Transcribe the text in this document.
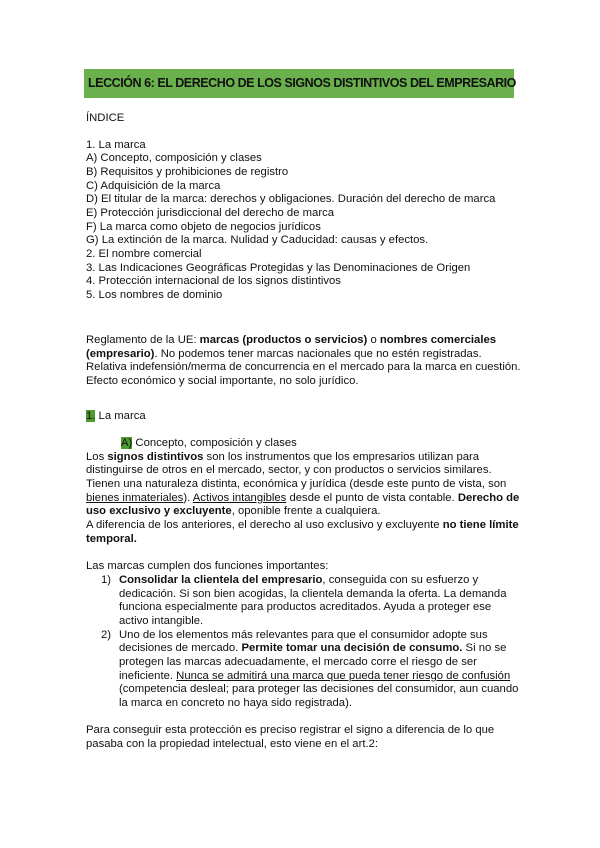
LECCIÓN 6: EL DERECHO DE LOS SIGNOS DISTINTIVOS DEL EMPRESARIO
ÍNDICE
1. La marca
A) Concepto, composición y clases
B) Requisitos y prohibiciones de registro
C) Adquisición de la marca
D) El titular de la marca: derechos y obligaciones. Duración del derecho de marca
E) Protección jurisdiccional del derecho de marca
F) La marca como objeto de negocios jurídicos
G) La extinción de la marca. Nulidad y Caducidad: causas y efectos.
2. El nombre comercial
3. Las Indicaciones Geográficas Protegidas y las Denominaciones de Origen
4. Protección internacional de los signos distintivos
5. Los nombres de dominio
Reglamento de la UE: marcas (productos o servicios) o nombres comerciales
(empresario). No podemos tener marcas nacionales que no estén registradas.
Relativa indefensión/merma de concurrencia en el mercado para la marca en cuestión.
Efecto económico y social importante, no solo jurídico.
1. La marca
A) Concepto, composición y clases
Los signos distintivos son los instrumentos que los empresarios utilizan para
distinguirse de otros en el mercado, sector, y con productos o servicios similares.
Tienen una naturaleza distinta, económica y jurídica (desde este punto de vista, son
bienes inmateriales). Activos intangibles desde el punto de vista contable. Derecho de
uso exclusivo y excluyente, oponible frente a cualquiera.
A diferencia de los anteriores, el derecho al uso exclusivo y excluyente no tiene límite
temporal.
Las marcas cumplen dos funciones importantes:
1) Consolidar la clientela del empresario, conseguida con su esfuerzo y
dedicación. Si son bien acogidas, la clientela demanda la oferta. La demanda
funciona especialmente para productos acreditados. Ayuda a proteger ese
activo intangible.
2) Uno de los elementos más relevantes para que el consumidor adopte sus
decisiones de mercado. Permite tomar una decisión de consumo. Si no se
protegen las marcas adecuadamente, el mercado corre el riesgo de ser
ineficiente. Nunca se admitirá una marca que pueda tener riesgo de confusión
(competencia desleal; para proteger las decisiones del consumidor, aun cuando
la marca en concreto no haya sido registrada).
Para conseguir esta protección es preciso registrar el signo a diferencia de lo que
pasaba con la propiedad intelectual, esto viene en el art.2:
